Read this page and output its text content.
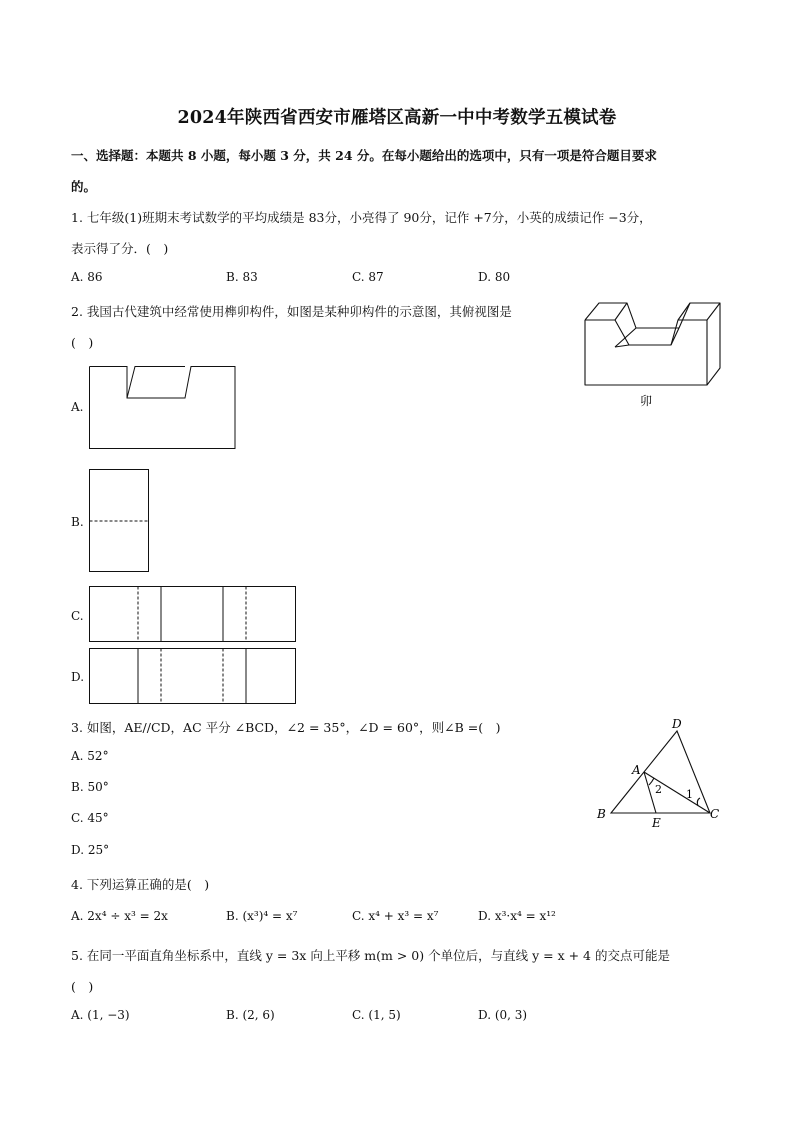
2024年陕西省西安市雁塔区高新一中中考数学五模试卷
一、选择题：本题共 8 小题，每小题 3 分，共 24 分。在每小题给出的选项中，只有一项是符合题目要求
的。
1. 七年级(1)班期末考试数学的平均成绩是 83分，小亮得了 90分，记作 +7分，小英的成绩记作 −3分，
表示得了分．(　)
A. 86	B. 83	C. 87	D. 80
2. 我国古代建筑中经常使用榫卯构件，如图是某种卯构件的示意图，其俯视图是
(　)
卯
A.
B.
C.
D.
3. 如图，AE//CD，AC 平分 ∠BCD，∠2 = 35°，∠D = 60°，则∠B =(　)
A. 52°
B. 50°
C. 45°
D. 25°
D
A
B
E
C
2 1
4. 下列运算正确的是(　)
A. 2x⁴ ÷ x³ = 2x	B. (x³)⁴ = x⁷	C. x⁴ + x³ = x⁷	D. x³·x⁴ = x¹²
5. 在同一平面直角坐标系中，直线 y = 3x 向上平移 m(m > 0) 个单位后，与直线 y = x + 4 的交点可能是
(　)
A. (1, −3)	B. (2, 6)	C. (1, 5)	D. (0, 3)
